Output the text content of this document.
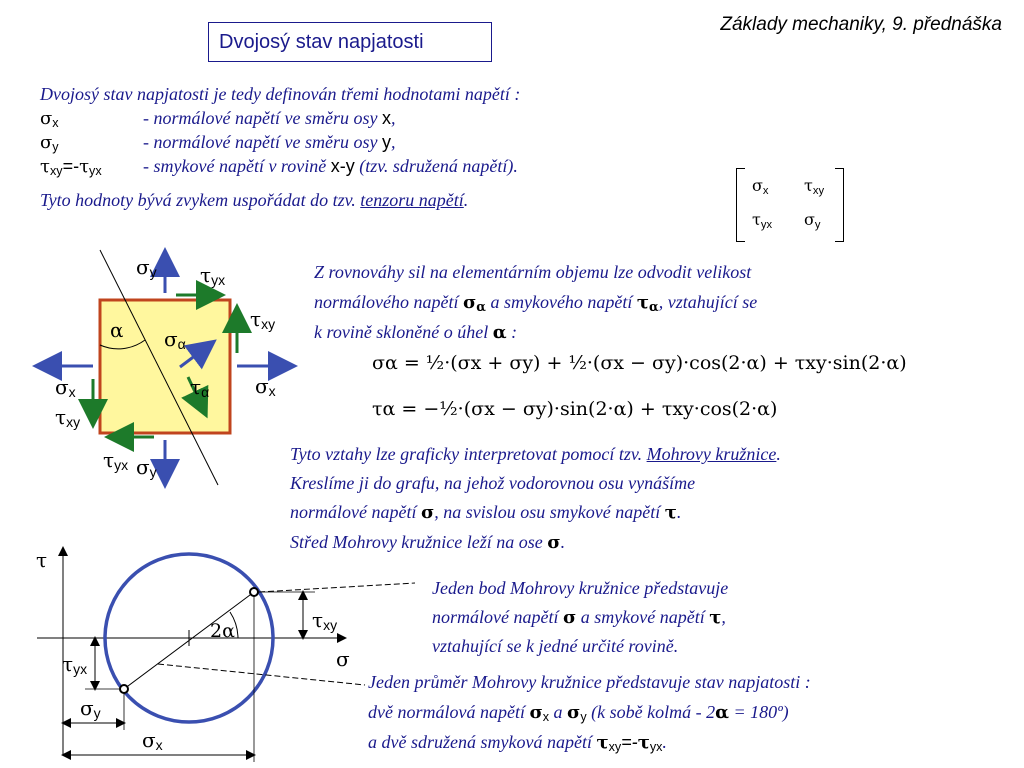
Základy mechaniky, 9. přednáška
Dvojosý stav napjatosti
Dvojosý stav napjatosti je tedy definován třemi hodnotami napětí :
$\sigma_x$	- normálové napětí ve směru osy x,
$\sigma_y$	- normálové napětí ve směru osy y,
$\tau_{xy}=-\tau_{yx}$ - smykové napětí v rovině x-y (tzv. sdružená napětí).
Tyto hodnoty bývá zvykem uspořádat do tzv. tenzoru napětí.
$\sigma_x$ $\tau_{xy}$
$\tau_{yx}$ $\sigma_y$
$\sigma_y$ $\tau_{yx}$
$\tau_{xy}$
α $\sigma_\alpha$
$\tau_\alpha$ $\sigma_x$
$\sigma_x$
$\tau_{xy}$
$\tau_{yx}$ $\sigma_y$
Z rovnováhy sil na elementárním objemu lze odvodit velikost
normálového napětí $\sigma_\alpha$ a smykového napětí $\tau_\alpha$, vztahující se
k rovině skloněné o úhel α :
σα = ½·(σx + σy) + ½·(σx − σy)·cos(2·α) + τxy·sin(2·α)
τα = −½·(σx − σy)·sin(2·α) + τxy·cos(2·α)
Tyto vztahy lze graficky interpretovat pomocí tzv. Mohrovy kružnice.
Kreslíme ji do grafu, na jehož vodorovnou osu vynášíme
normálové napětí σ, na svislou osu smykové napětí τ.
Střed Mohrovy kružnice leží na ose σ.
τ
σ
2α	$\tau_{xy}$
$\tau_{yx}$
$\sigma_y$
$\sigma_x$
Jeden bod Mohrovy kružnice představuje
normálové napětí σ a smykové napětí τ,
vztahující se k jedné určité rovině.
Jeden průměr Mohrovy kružnice představuje stav napjatosti :
dvě normálová napětí $\sigma_x$ a $\sigma_y$ (k sobě kolmá - 2α = 180º)
a dvě sdružená smyková napětí $\tau_{xy}=-\tau_{yx}$.
